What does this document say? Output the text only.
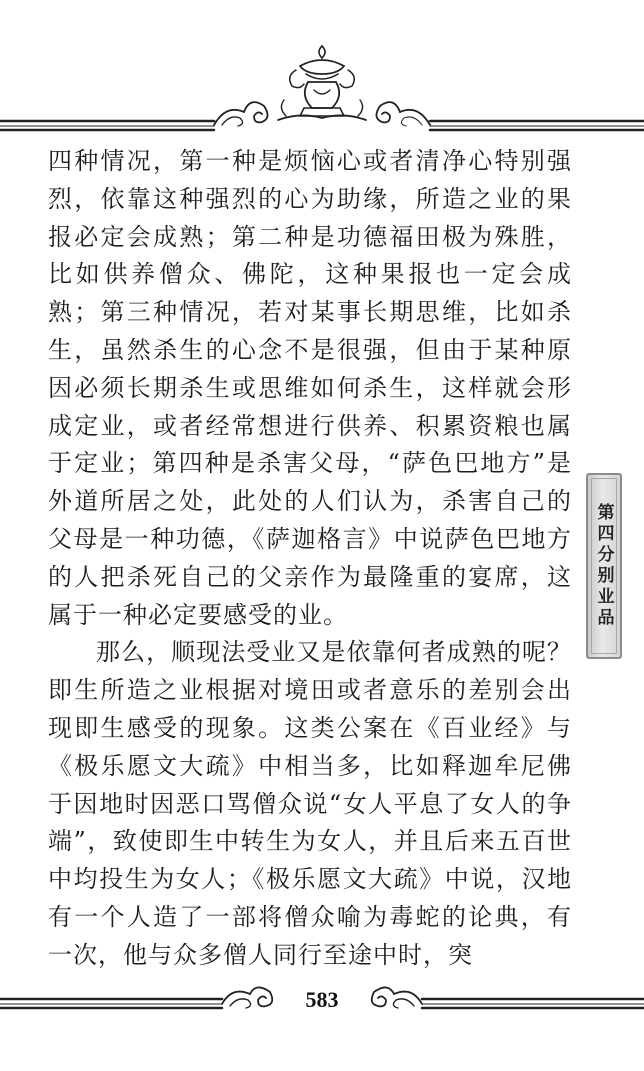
四种情况，第一种是烦恼心或者清净心特别强烈，依靠这种强烈的心为助缘，所造之业的果报必定会成熟；第二种是功德福田极为殊胜，比如供养僧众、佛陀，这种果报也一定会成熟；第三种情况，若对某事长期思维，比如杀生，虽然杀生的心念不是很强，但由于某种原因必须长期杀生或思维如何杀生，这样就会形成定业，或者经常想进行供养、积累资粮也属于定业；第四种是杀害父母，“萨色巴地方”是外道所居之处，此处的人们认为，杀害自己的父母是一种功德，《萨迦格言》中说萨色巴地方的人把杀死自己的父亲作为最隆重的宴席，这属于一种必定要感受的业。

那么，顺现法受业又是依靠何者成熟的呢？即生所造之业根据对境田或者意乐的差别会出现即生感受的现象。这类公案在《百业经》与《极乐愿文大疏》中相当多，比如释迦牟尼佛于因地时因恶口骂僧众说“女人平息了女人的争端”，致使即生中转生为女人，并且后来五百世中均投生为女人；《极乐愿文大疏》中说，汉地有一个人造了一部将僧众喻为毒蛇的论典，有一次，他与众多僧人同行至途中时，突

第四分别业品
583
